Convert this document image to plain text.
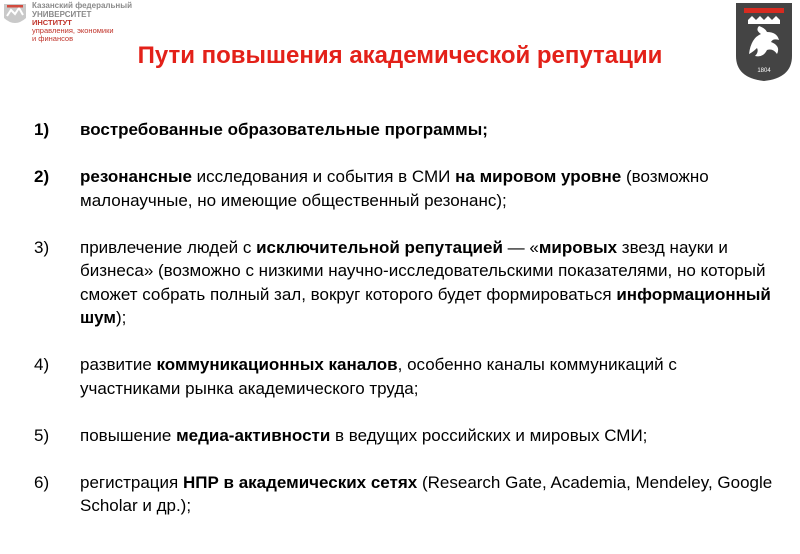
Казанский федеральный
УНИВЕРСИТЕТ
ИНСТИТУТ
управления, экономики
и финансов
1804
Пути повышения академической репутации
1) востребованные образовательные программы;
2) резонансные исследования и события в СМИ на мировом уровне (возможно малонаучные, но имеющие общественный резонанс);
3) привлечение людей с исключительной репутацией — «мировых звезд науки и бизнеса» (возможно с низкими научно-исследовательскими показателями, но который сможет собрать полный зал, вокруг которого будет формироваться информационный шум);
4) развитие коммуникационных каналов, особенно каналы коммуникаций с участниками рынка академического труда;
5) повышение медиа-активности в ведущих российских и мировых СМИ;
6) регистрация НПР в академических сетях (Research Gate, Academia, Mendeley, Google Scholar и др.);
